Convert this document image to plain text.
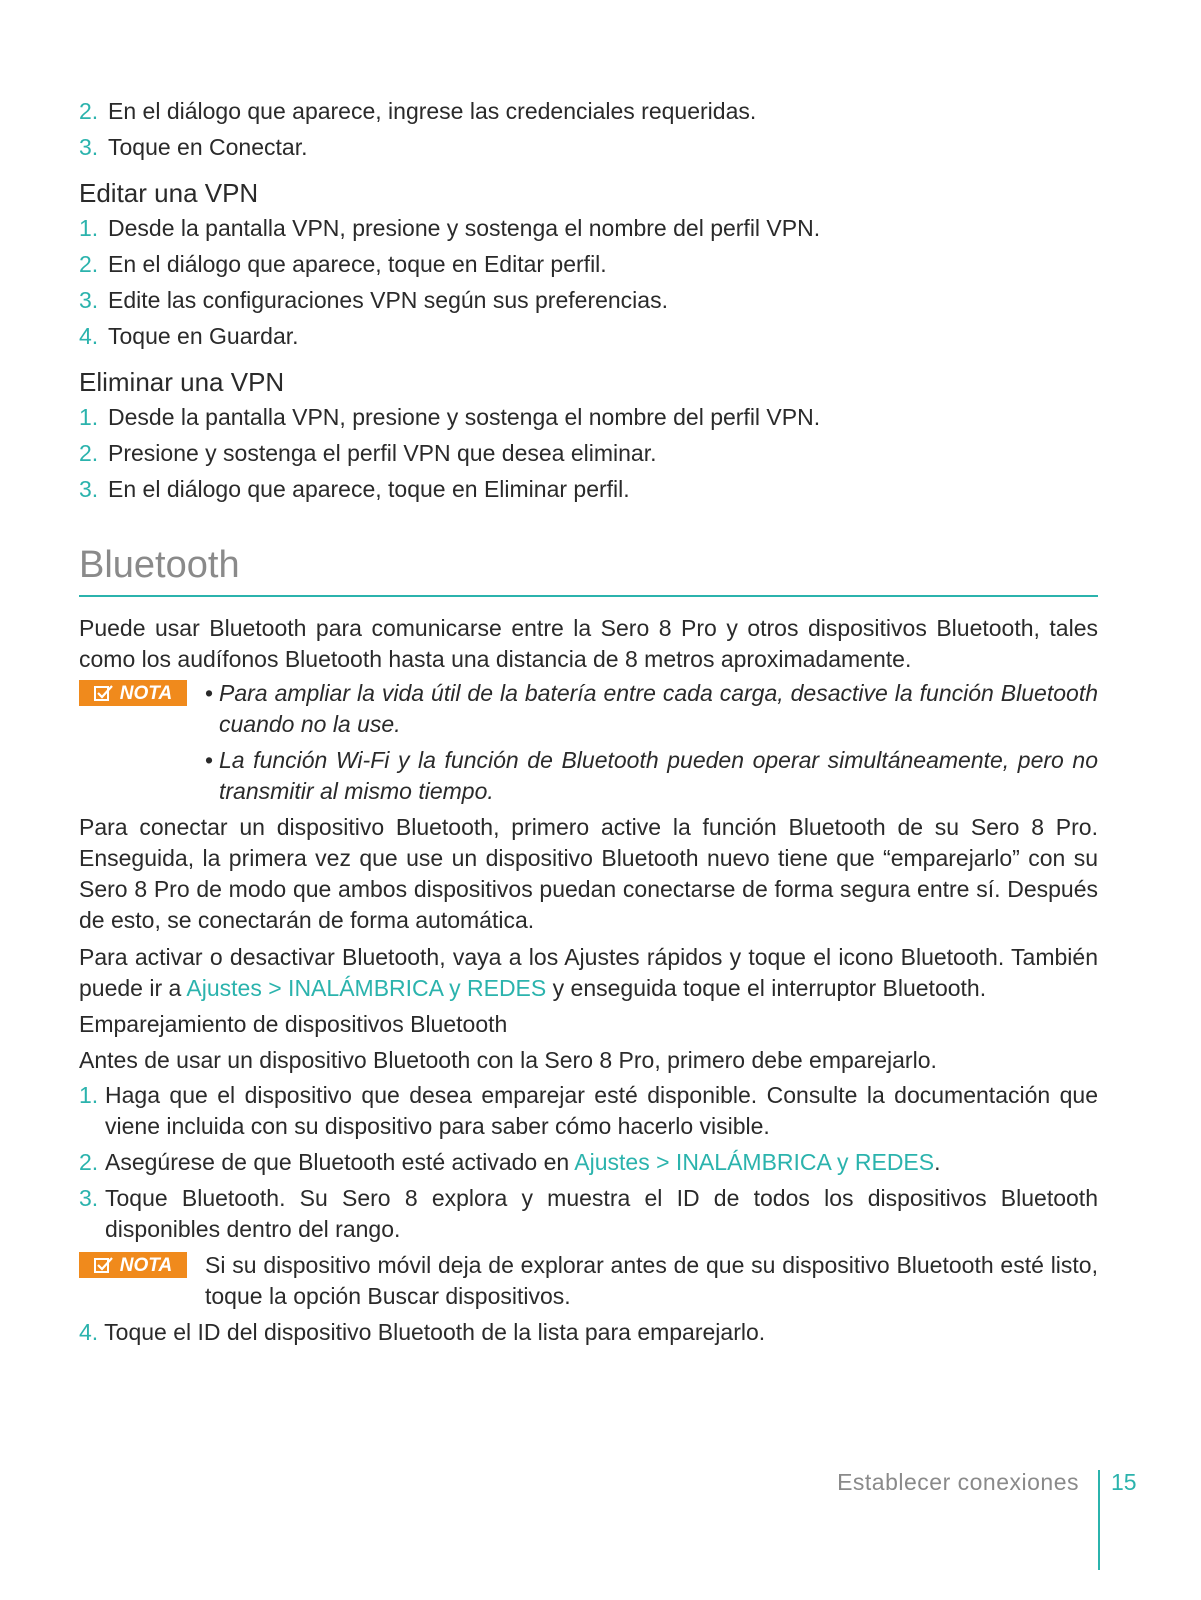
2. En el diálogo que aparece, ingrese las credenciales requeridas.
3. Toque en Conectar.
Editar una VPN
1. Desde la pantalla VPN, presione y sostenga el nombre del perfil VPN.
2. En el diálogo que aparece, toque en Editar perfil.
3. Edite las configuraciones VPN según sus preferencias.
4. Toque en Guardar.
Eliminar una VPN
1. Desde la pantalla VPN, presione y sostenga el nombre del perfil VPN.
2. Presione y sostenga el perfil VPN que desea eliminar.
3. En el diálogo que aparece, toque en Eliminar perfil.
Bluetooth
Puede usar Bluetooth para comunicarse entre la Sero 8 Pro y otros dispositivos Bluetooth, tales como los audífonos Bluetooth hasta una distancia de 8 metros aproximadamente.
NOTA • Para ampliar la vida útil de la batería entre cada carga, desactive la función Bluetooth cuando no la use.
• La función Wi-Fi y la función de Bluetooth pueden operar simultáneamente, pero no transmitir al mismo tiempo.
Para conectar un dispositivo Bluetooth, primero active la función Bluetooth de su Sero 8 Pro. Enseguida, la primera vez que use un dispositivo Bluetooth nuevo tiene que “emparejarlo” con su Sero 8 Pro de modo que ambos dispositivos puedan conectarse de forma segura entre sí. Después de esto, se conectarán de forma automática.
Para activar o desactivar Bluetooth, vaya a los Ajustes rápidos y toque el icono Bluetooth. También puede ir a Ajustes > INALÁMBRICA y REDES y enseguida toque el interruptor Bluetooth.
Emparejamiento de dispositivos Bluetooth
Antes de usar un dispositivo Bluetooth con la Sero 8 Pro, primero debe emparejarlo.
1. Haga que el dispositivo que desea emparejar esté disponible. Consulte la documentación que viene incluida con su dispositivo para saber cómo hacerlo visible.
2. Asegúrese de que Bluetooth esté activado en Ajustes > INALÁMBRICA y REDES.
3. Toque Bluetooth. Su Sero 8 explora y muestra el ID de todos los dispositivos Bluetooth disponibles dentro del rango.
NOTA Si su dispositivo móvil deja de explorar antes de que su dispositivo Bluetooth esté listo, toque la opción Buscar dispositivos.
4. Toque el ID del dispositivo Bluetooth de la lista para emparejarlo.
Establecer conexiones 15
